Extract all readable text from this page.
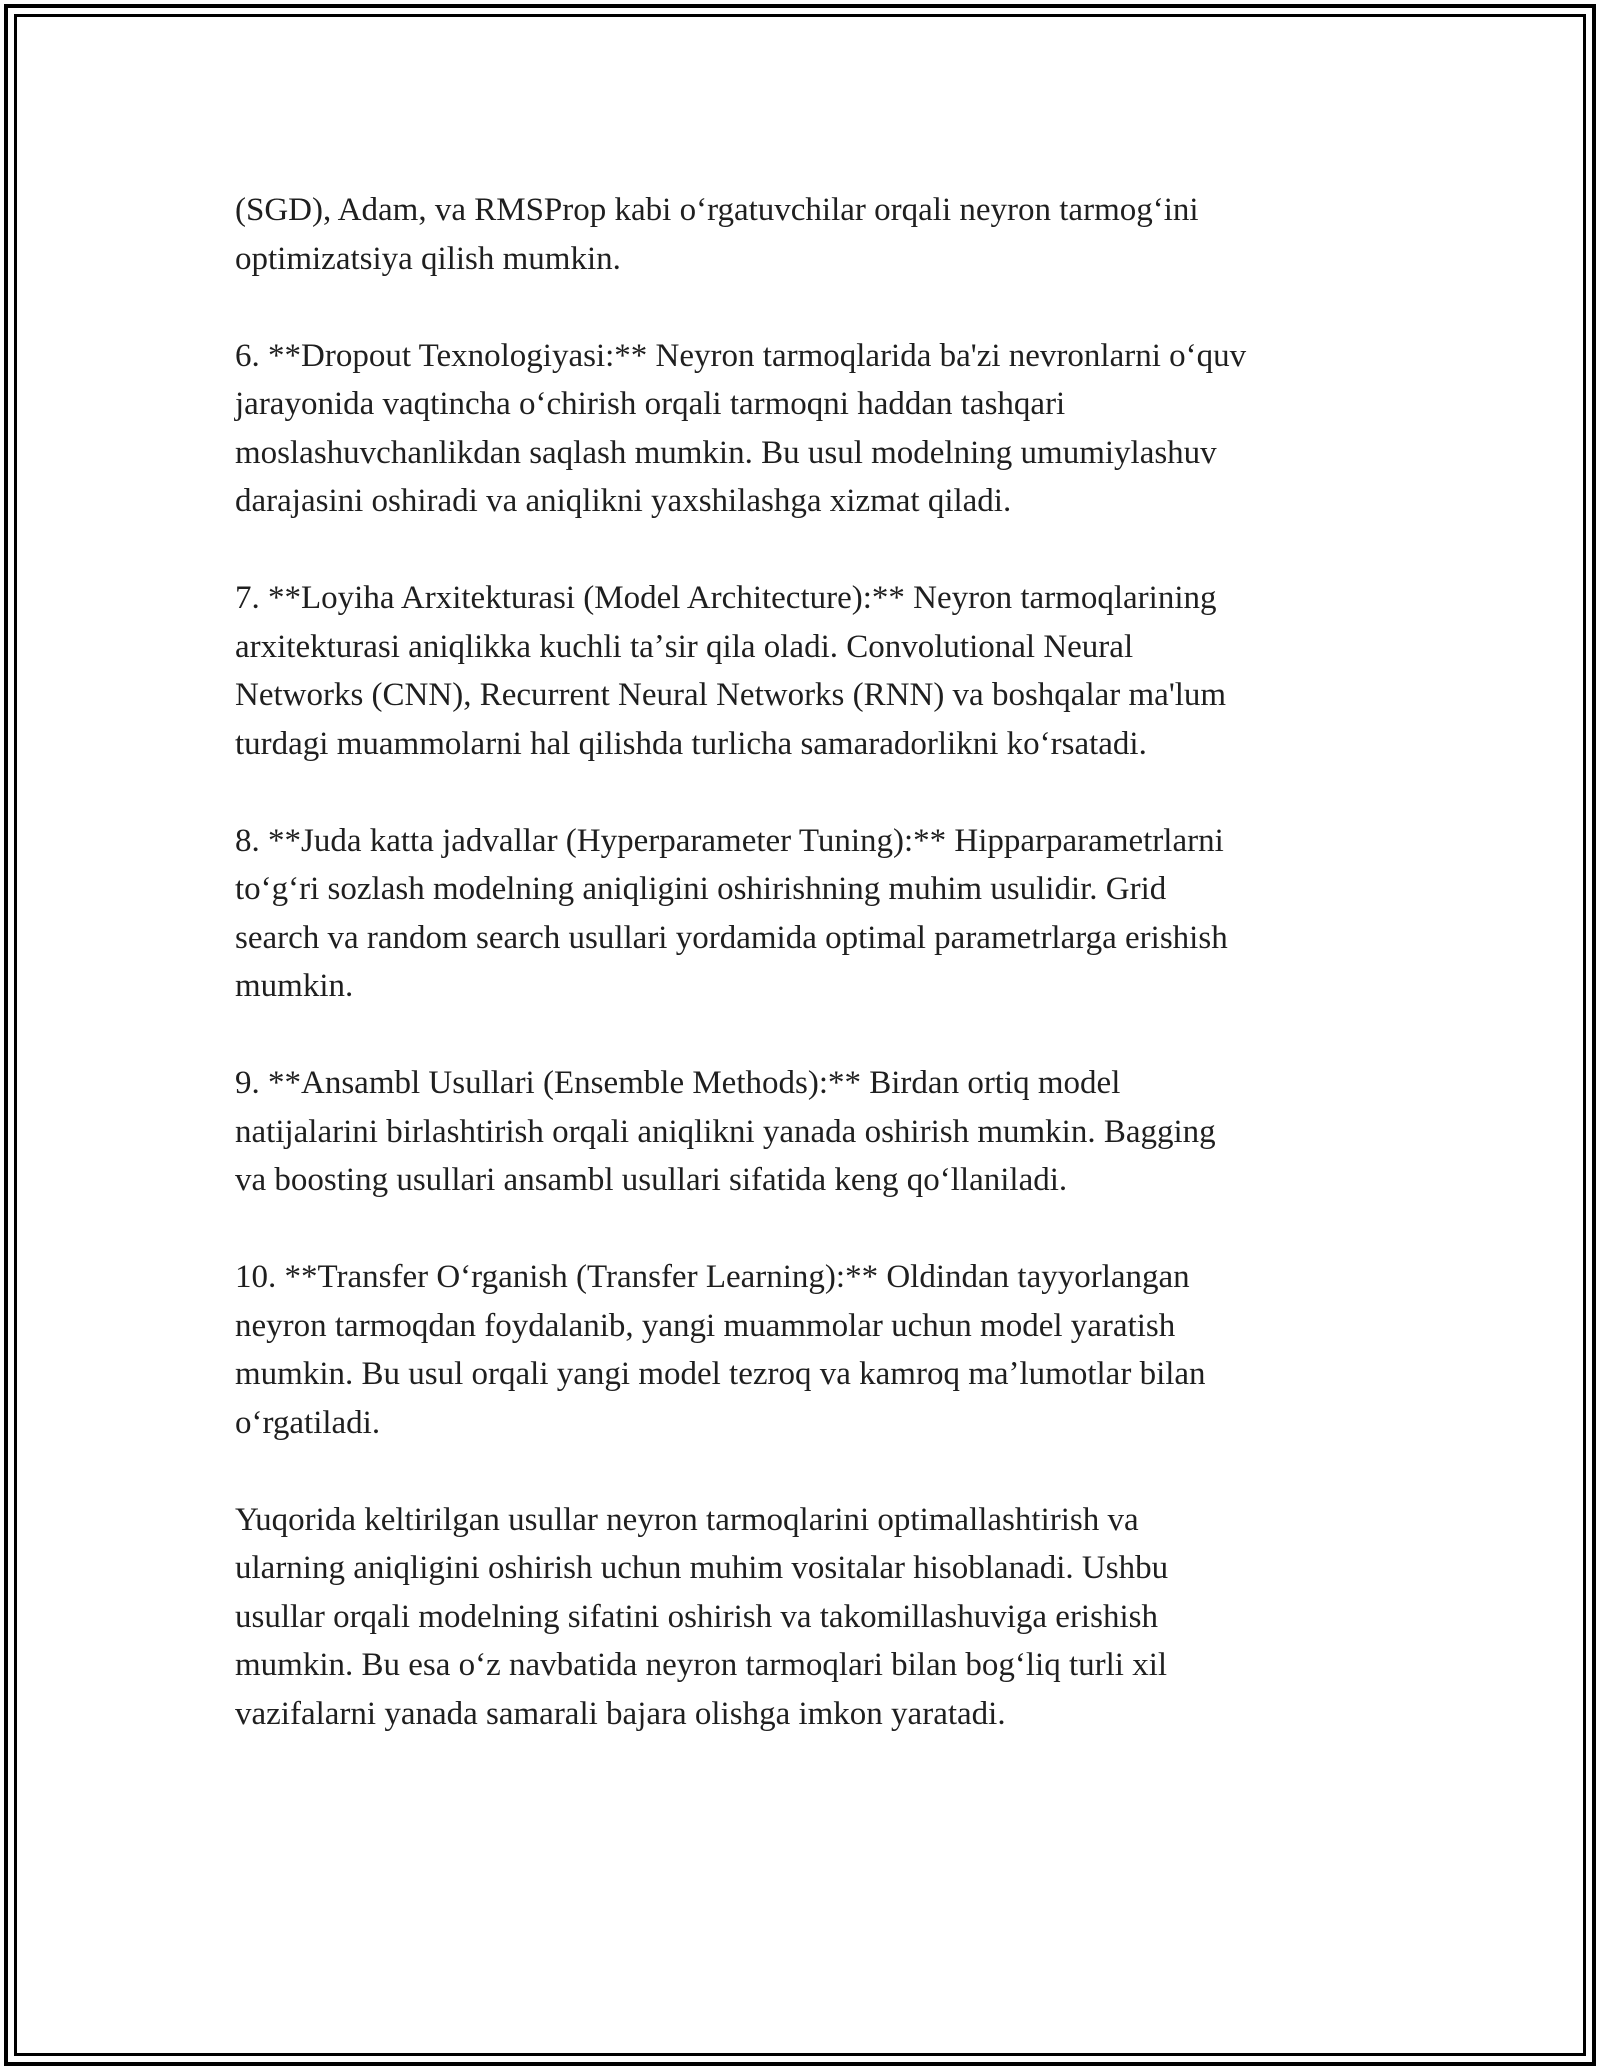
(SGD), Adam, va RMSProp kabi oʻrgatuvchilar orqali neyron tarmogʻini
optimizatsiya qilish mumkin.

6. **Dropout Texnologiyasi:** Neyron tarmoqlarida ba'zi nevronlarni oʻquv
jarayonida vaqtincha oʻchirish orqali tarmoqni haddan tashqari
moslashuvchanlikdan saqlash mumkin. Bu usul modelning umumiylashuv
darajasini oshiradi va aniqlikni yaxshilashga xizmat qiladi.

7. **Loyiha Arxitekturasi (Model Architecture):** Neyron tarmoqlarining
arxitekturasi aniqlikka kuchli taʼsir qila oladi. Convolutional Neural
Networks (CNN), Recurrent Neural Networks (RNN) va boshqalar ma'lum
turdagi muammolarni hal qilishda turlicha samaradorlikni koʻrsatadi.

8. **Juda katta jadvallar (Hyperparameter Tuning):** Hipparparametrlarni
toʻgʻri sozlash modelning aniqligini oshirishning muhim usulidir. Grid
search va random search usullari yordamida optimal parametrlarga erishish
mumkin.

9. **Ansambl Usullari (Ensemble Methods):** Birdan ortiq model
natijalarini birlashtirish orqali aniqlikni yanada oshirish mumkin. Bagging
va boosting usullari ansambl usullari sifatida keng qoʻllaniladi.

10. **Transfer Oʻrganish (Transfer Learning):** Oldindan tayyorlangan
neyron tarmoqdan foydalanib, yangi muammolar uchun model yaratish
mumkin. Bu usul orqali yangi model tezroq va kamroq maʼlumotlar bilan
oʻrgatiladi.

Yuqorida keltirilgan usullar neyron tarmoqlarini optimallashtirish va
ularning aniqligini oshirish uchun muhim vositalar hisoblanadi. Ushbu
usullar orqali modelning sifatini oshirish va takomillashuviga erishish
mumkin. Bu esa oʻz navbatida neyron tarmoqlari bilan bogʻliq turli xil
vazifalarni yanada samarali bajara olishga imkon yaratadi.
